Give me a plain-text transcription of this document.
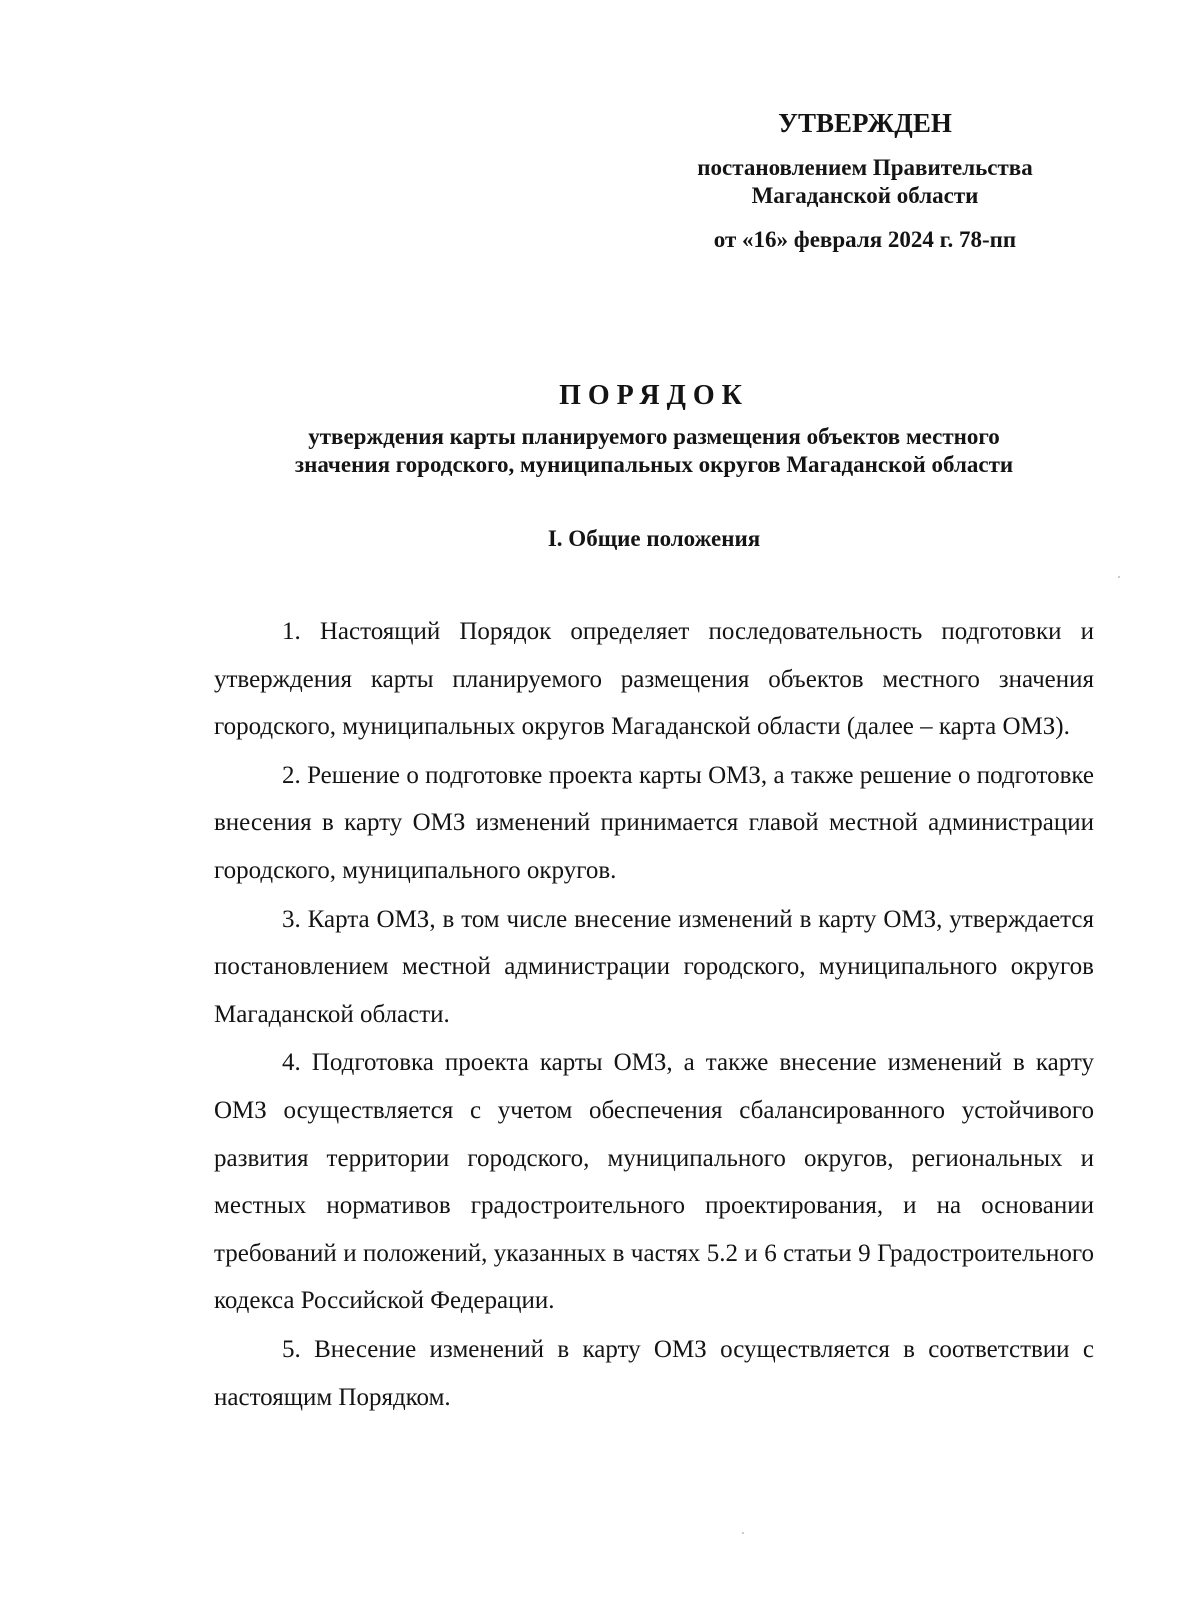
УТВЕРЖДЕН
постановлением Правительства
Магаданской области
от «16» февраля 2024 г. 78-пп
ПОРЯДОК
утверждения карты планируемого размещения объектов местного
значения городского, муниципальных округов Магаданской области
I. Общие положения

1. Настоящий Порядок определяет последовательность подготовки и утверждения карты планируемого размещения объектов местного значения городского, муниципальных округов Магаданской области (далее – карта ОМЗ).

2. Решение о подготовке проекта карты ОМЗ, а также решение о подготовке внесения в карту ОМЗ изменений принимается главой местной администрации городского, муниципального округов.

3. Карта ОМЗ, в том числе внесение изменений в карту ОМЗ, утверждается постановлением местной администрации городского, муниципального округов Магаданской области.

4. Подготовка проекта карты ОМЗ, а также внесение изменений в карту ОМЗ осуществляется с учетом обеспечения сбалансированного устойчивого развития территории городского, муниципального округов, региональных и местных нормативов градостроительного проектирования, и на основании требований и положений, указанных в частях 5.2 и 6 статьи 9 Градостроительного кодекса Российской Федерации.

5. Внесение изменений в карту ОМЗ осуществляется в соответствии с настоящим Порядком.
